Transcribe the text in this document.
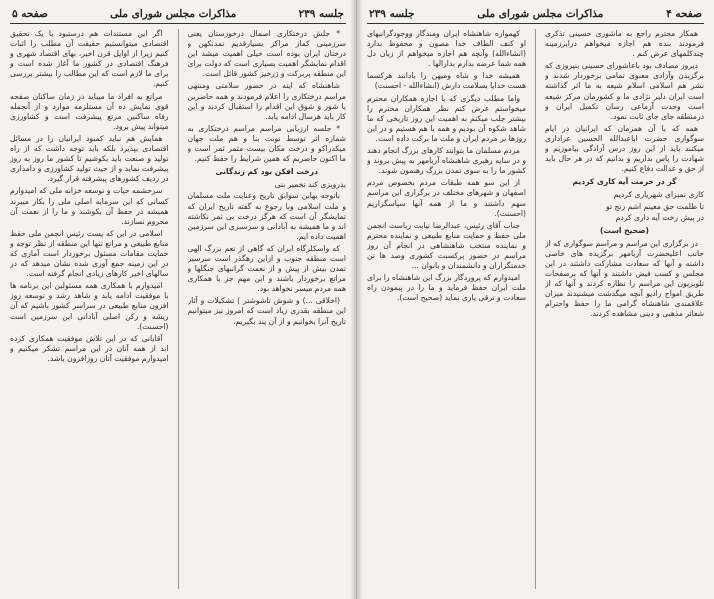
صفحه ۴
مذاکرات مجلس شورای ملی
جلسه ۲۳۹

همکار محترم راجع به ماشوری حسینی تذکری فرمودند بنده هم اجازه میخواهم درایرزمینه چندکلمهای عرض کنم .

دیروز مصادف بود باعاشورای حسینی بنیروزی که برگزیدن وآزادی معنوی تمامی برخوردار شدند و نشر هم اسلامی اسلام شیعه به ما اثر گذاشته است ایران دلیر نژادی ما و کشورمان مرکز شیعه است وحدت آرماعی رسان تکمیل ایران و درمنطقه جای جای ثابت نمود.

همه که با آن همزمان که ایرانیان در ایام سوگواری حضرت اباعبدالله الحسین عزاداری میکنند باید از این روز درس آزادگی بیاموزیم و شهادت را پاس بداریم و بدانیم که در هر حال باید از حق و عدالت دفاع کنیم.

گر در حرمت آیه کاری کردیم

کاری نمیزای شهریاری کردیم
تا ظلمت حق معینم اشم رنج تو
در پیش رخت آیه داری کردم

(صحیح است)

در برگزاری این مراسم و مراسم سوگواری که از جانب اعلیحضرت آریامهر برگزیده های خاصی داشته و آنها که سعادت مشارکت داشتند در این مجلس و کسب فیض داشتند و آنها که برصفحات تلویزیون این مراسم را نظاره کردند و آنها که از طریق امواج رادیو آنچه میگذشت میشنیدند میزان علاقمندی شاهنشاه گرامی ما را حفظ واحترام شعائر مذهبی و دینی مشاهده کردند.

کهمواره شاهنشاه ایران ومندگار ووجودگرانبهای او کنف الطاف خدا مصون و محفوظ بدارد (انشاءالله) وآنچه هم اجازه میخواهم از زبان دل همه شما عرضه بدارم بدارالها .

همیشه خدا و شاه ومیهن را بادانند هرکسما هست خدایا بسلامت دارش (انشاءالله - احسنت)

واما مطلب دیگری که با اجازه همکاران محترم میخواستم عرض کنم نظر همکاران محترم را بیشتر جلب میکنم به اهمیت این روز تاریخی که ما شاهد شکوه آن بودیم و همه با هم هستیم و در این روزها بر مردم ایران و ملت ما برکت داده است.

مردم مسلمان ما بتوانند کارهای بزرگ انجام دهند و در سایه رهبری شاهنشاه آریامهر به پیش بروند و کشور ما را به سوی تمدن بزرگ رهنمون شوند.

از این سو همه طبقات مردم بخصوص مردم اصفهان و شهرهای مختلف در برگزاری این مراسم سهم داشتند و ما از همه آنها سپاسگزاریم (احسنت).

جناب آقای رئیس، عبدالرضا نیابت ریاست انجمن ملی حفظ و حمایت منابع طبیعی و نماینده محترم و نماینده منتخب شاهنشاهی در انجام آن روز مراسم در حضور پرکسبت کشوری وصد ها تن خدمتگزاران و دانشمندان و بانوان ...

امیدوارم که پروردگار بزرگ این شاهنشاه را برای ملت ایران حفظ فرماید و ما را در پیمودن راه سعادت و ترقی یاری نماید (صحیح است).

جلسه ۲۳۹
مذاکرات مجلس شورای ملی
صفحه ۵

* جلش درختکاری اصمال درخوزستان یعنی سرزمینی کماز مراکز بسیارقدیم تمدنکهن و درختان ایران بوده است خیلی اهمیت میشد این اقدام نمایشگر اهمیت بسیاری است که دولت برای این منطقه پربرکت و زرخیز کشور قائل است.

شاهنشاه که اینه در حضور سلامتی ومنتهی مراسم درختکاری را اعلام فرمودند و همه حاضرین با شور و شوق این اقدام را استقبال کردند و این کار باید هرسال ادامه یابد.

* جلسه ارزیابی مراسم مراسم درختکاری به شماره اثر توسط نوبت بنا و هم ملت جهان میکدراکو و درخت مکان بیست مثمر ثمر است و ما اکنون حاضریم که همین شرایط را حفظ کنیم.

درخت افکن بود کم زندگانی

بدرویزی کند تخمیر بنی

باتوجه بهاین سوابق تاریخ وعنایت ملت مسلمان و ملت اسلامی وبا رجوع به گفته تاریخ ایران که تمایشگر آن است که هرگز درخت بی ثمر نکاشته اند و ما همیشه به آبادانی و سرسبزی این سرزمین اهمیت داده ایم.

که واسکلرگاه ایران که گاهی از نعم بزرگ الهی است منطقه جنوب و ازاین رهگذر است سرسبز تمدن بیش از پیش و از نعمت گرانبهای جنگلها و مراتع برخوردار باشند و این مهم جز با همکاری همه مردم میسر نخواهد بود.

(اخلاقی ...) و شوش تاشوشتر ) تشکیلات و آثار این منطقه بقدری زیاد است که امروز نیز میتوانیم تاریخ آنرا بخوانیم و از آن پند بگیریم.

اگر این مستندات هم درستبود یا یک تحقیق اقتصادی میتوانستیم حقیقت آن مطلب را اثبات کنیم زیرا از اوایل قرن اخیر، بهای اقتصاد شهری و فرهنگ اقتصادی در کشور ما آغاز شده است و برای ما لازم است که این مطالب را بیشتر بررسی کنیم.

مراتع به افراد ما میباید در زمان ساکنان صفحه قوی نمایش ده آن مستلزمه موارد و از آنجمله رفاه ساکنین مرتع پیشرفت است و کشاورزی میتواند پیش برود.

همایش هم نباید کمبود ایرانیان را در مسائل اقتصادی بپذیرد بلکه باید توجه داشت که از راه تولید و صنعت باید بکوشیم تا کشور ما روز به روز پیشرفت نماید و از حیث تولید کشاورزی و دامداری در ردیف کشورهای پیشرفته قرار گیرد.

سرحشمه حیات و نوسعه خزانه ملی که امیدوارم کسانی که این سرمایه اصلی ملی را بکار میبرند همیشه در حفظ آن بکوشند و ما را از نعمت آن محروم نسازند.

اسلامی در این که پست رئیس انجمن ملی حفظ منابع طبیعی و مراتع تنها این منطقه از نظر توجه و حمایت مقامات مسئول برخوردار است آماری که در این زمینه جمع آوری شده نشان میدهد که در سالهای اخیر کارهای زیادی انجام گرفته است.

امیدوارم با همکاری همه مسئولین این برنامه ها با موفقیت ادامه یابد و شاهد رشد و توسعه روز افزون منابع طبیعی در سراسر کشور باشیم که آن ریشه و رکن اصلی آبادانی این سرزمین است (احسنت).

آقایانی که در این تلاش موفقیت همکاری کرده اند از همه آنان در این مراسم تشکر میکنیم و امیدوارم موفقیت آنان روزافزون باشد.
